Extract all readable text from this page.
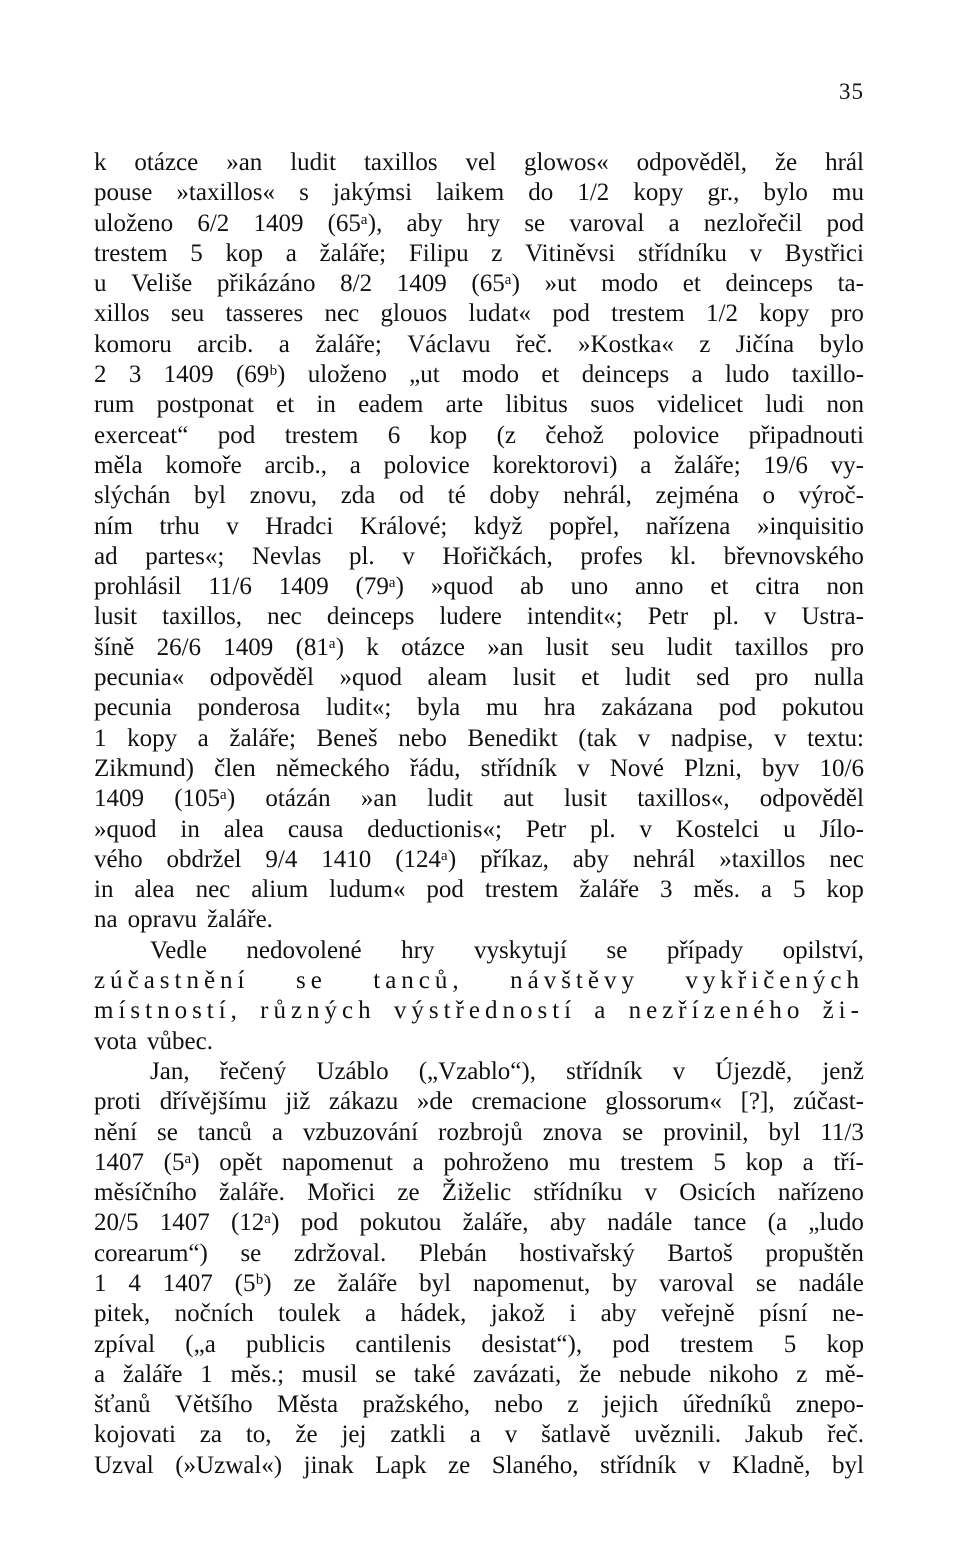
35
k otázce »an ludit taxillos vel glowos« odpověděl, že hrál
pouse »taxillos« s jakýmsi laikem do 1/2 kopy gr., bylo mu
uloženo 6/2 1409 (65ᵃ), aby hry se varoval a nezlořečil pod
trestem 5 kop a žaláře; Filipu z Vitiněvsi střídníku v Bystřici
u Veliše přikázáno 8/2 1409 (65ᵃ) »ut modo et deinceps ta-
xillos seu tasseres nec glouos ludat« pod trestem 1/2 kopy pro
komoru arcib. a žaláře; Václavu řeč. »Kostka« z Jičína bylo
2 3 1409 (69ᵇ) uloženo „ut modo et deinceps a ludo taxillo-
rum postponat et in eadem arte libitus suos videlicet ludi non
exerceat“ pod trestem 6 kop (z čehož polovice připadnouti
měla komoře arcib., a polovice korektorovi) a žaláře; 19/6 vy-
slýchán byl znovu, zda od té doby nehrál, zejména o výroč-
ním trhu v Hradci Králové; když popřel, nařízena »inquisitio
ad partes«; Nevlas pl. v Hořičkách, profes kl. břevnovského
prohlásil 11/6 1409 (79ᵃ) »quod ab uno anno et citra non
lusit taxillos, nec deinceps ludere intendit«; Petr pl. v Ustra-
šíně 26/6 1409 (81ᵃ) k otázce »an lusit seu ludit taxillos pro
pecunia« odpověděl »quod aleam lusit et ludit sed pro nulla
pecunia ponderosa ludit«; byla mu hra zakázana pod pokutou
1 kopy a žaláře; Beneš nebo Benedikt (tak v nadpise, v textu:
Zikmund) člen německého řádu, střídník v Nové Plzni, byv 10/6
1409 (105ᵃ) otázán »an ludit aut lusit taxillos«, odpověděl
»quod in alea causa deductionis«; Petr pl. v Kostelci u Jílo-
vého obdržel 9/4 1410 (124ᵃ) příkaz, aby nehrál »taxillos nec
in alea nec alium ludum« pod trestem žaláře 3 měs. a 5 kop
na opravu žaláře.
Vedle nedovolené hry vyskytují se případy opilství,
zúčastnění se tanců, návštěvy vykřičených
místností, různých výstředností a nezřízeného ži-
vota vůbec.
Jan, řečený Uzáblo („Vzablo“), střídník v Újezdě, jenž
proti dřívějšímu již zákazu »de cremacione glossorum« [?], zúčast-
nění se tanců a vzbuzování rozbrojů znova se provinil, byl 11/3
1407 (5ᵃ) opět napomenut a pohroženo mu trestem 5 kop a tří-
měsíčního žaláře. Mořici ze Žiželic střídníku v Osicích nařízeno
20/5 1407 (12ᵃ) pod pokutou žaláře, aby nadále tance (a „ludo
corearum“) se zdržoval. Plebán hostivařský Bartoš propuštěn
1 4 1407 (5ᵇ) ze žaláře byl napomenut, by varoval se nadále
pitek, nočních toulek a hádek, jakož i aby veřejně písní ne-
zpíval („a publicis cantilenis desistat“), pod trestem 5 kop
a žaláře 1 měs.; musil se také zavázati, že nebude nikoho z mě-
šťanů Většího Města pražského, nebo z jejich úředníků znepo-
kojovati za to, že jej zatkli a v šatlavě uvěznili. Jakub řeč.
Uzval (»Uzwal«) jinak Lapk ze Slaného, střídník v Kladně, byl
